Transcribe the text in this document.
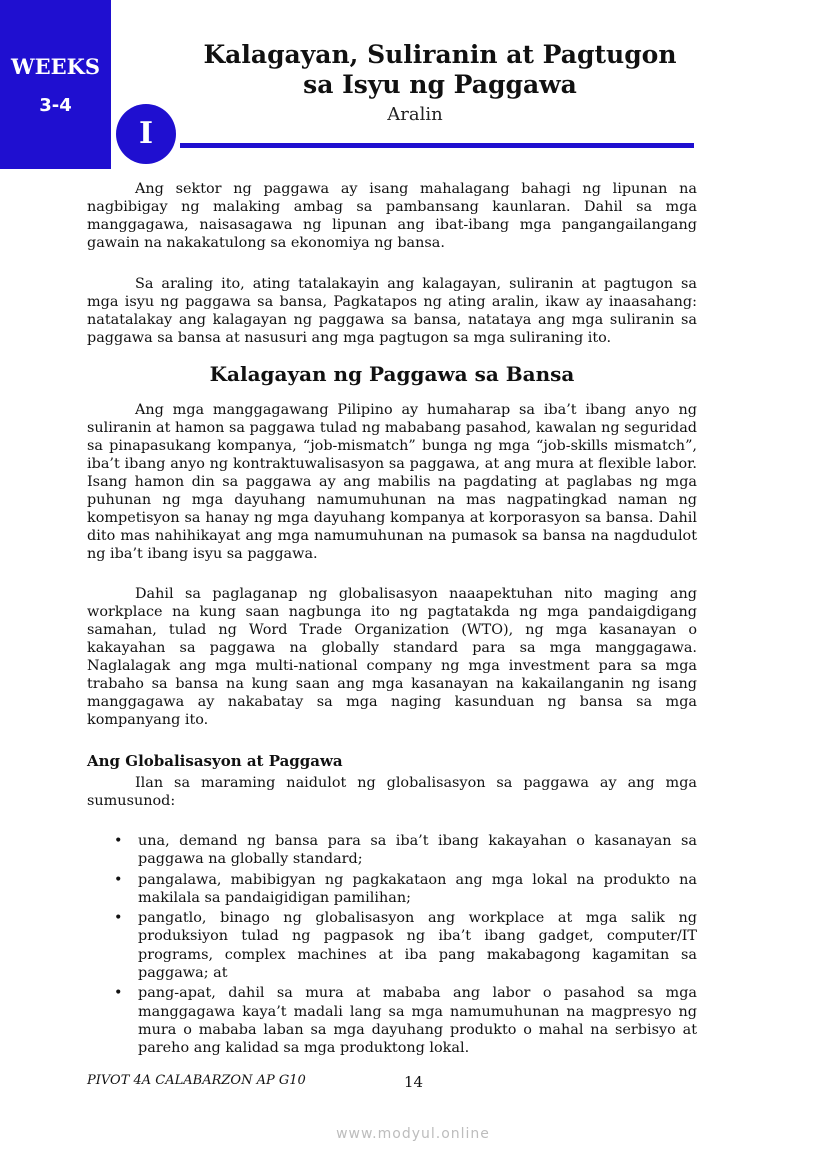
WEEKS
3-4
Kalagayan, Suliranin at Pagtugon
sa Isyu ng Paggawa
I
Aralin

Ang sektor ng paggawa ay isang mahalagang bahagi ng lipunan na nagbibigay ng malaking ambag sa pambansang kaunlaran. Dahil sa mga manggagawa, naisasagawa ng lipunan ang ibat-ibang mga pangangailangang gawain na nakakatulong sa ekonomiya ng bansa.

Sa araling ito, ating tatalakayin ang kalagayan, suliranin at pagtugon sa mga isyu ng paggawa sa bansa, Pagkatapos ng ating aralin, ikaw ay inaasahang: natatalakay ang kalagayan ng paggawa sa bansa, natataya ang mga suliranin sa paggawa sa bansa at nasusuri ang mga pagtugon sa mga suliraning ito.

Kalagayan ng Paggawa sa Bansa

Ang mga manggagawang Pilipino ay humaharap sa iba’t ibang anyo ng suliranin at hamon sa paggawa tulad ng mababang pasahod, kawalan ng seguridad sa pinapasukang kompanya, “job-mismatch” bunga ng mga “job-skills mismatch”, iba’t ibang anyo ng kontraktuwalisasyon sa paggawa, at ang mura at flexible labor. Isang hamon din sa paggawa ay ang mabilis na pagdating at paglabas ng mga puhunan ng mga dayuhang namumuhunan na mas nagpatingkad naman ng kompetisyon sa hanay ng mga dayuhang kompanya at korporasyon sa bansa. Dahil dito mas nahihikayat ang mga namumuhunan na pumasok sa bansa na nagdudulot ng iba’t ibang isyu sa paggawa.

Dahil sa paglaganap ng globalisasyon naaapektuhan nito maging ang workplace na kung saan nagbunga ito ng pagtatakda ng mga pandaigdigang samahan, tulad ng Word Trade Organization (WTO), ng mga kasanayan o kakayahan sa paggawa na globally standard para sa mga manggagawa. Naglalagak ang mga multi-national company ng mga investment para sa mga trabaho sa bansa na kung saan ang mga kasanayan na kakailanganin ng isang manggagawa ay nakabatay sa mga naging kasunduan ng bansa sa mga kompanyang ito.

Ang Globalisasyon at Paggawa

Ilan sa maraming naidulot ng globalisasyon sa paggawa ay ang mga sumusunod:

• una, demand ng bansa para sa iba’t ibang kakayahan o kasanayan sa paggawa na globally standard;
• pangalawa, mabibigyan ng pagkakataon ang mga lokal na produkto na makilala sa pandaigidigan pamilihan;
• pangatlo, binago ng globalisasyon ang workplace at mga salik ng produksiyon tulad ng pagpasok ng iba’t ibang gadget, computer/IT programs, complex machines at iba pang makabagong kagamitan sa paggawa; at
• pang-apat, dahil sa mura at mababa ang labor o pasahod sa mga manggagawa kaya’t madali lang sa mga namumuhunan na magpresyo ng mura o mababa laban sa mga dayuhang produkto o mahal na serbisyo at pareho ang kalidad sa mga produktong lokal.
PIVOT 4A CALABARZON AP G10	14
www.modyul.online
